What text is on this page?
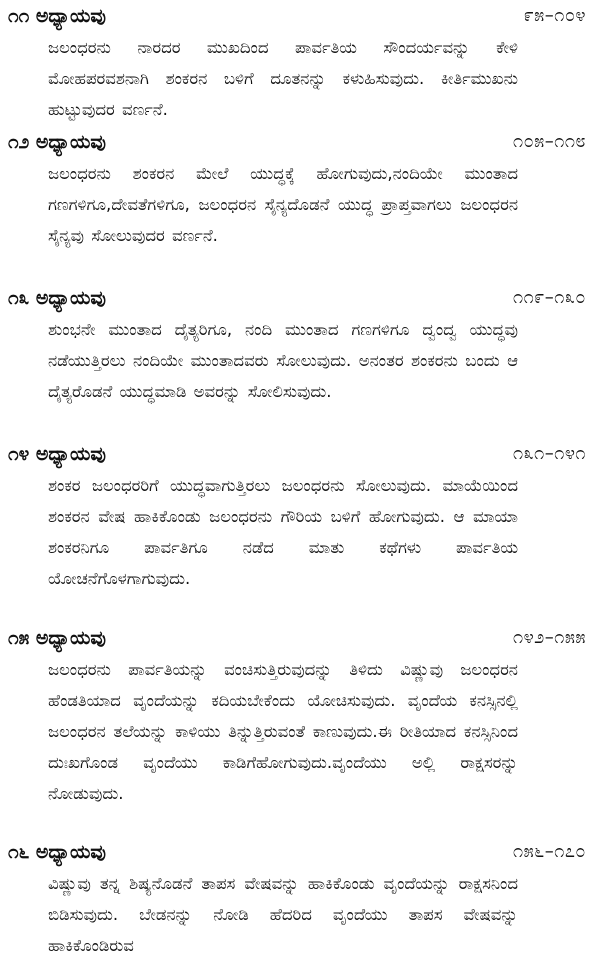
೧೧ ಅಧ್ಯಾಯವು	೯೫–೧೦೪
ಜಲಂಧರನು ನಾರದರ ಮುಖದಿಂದ ಪಾರ್ವತಿಯ ಸೌಂದರ್ಯವನ್ನು ಕೇಳಿ ಮೋಹಪರವಶನಾಗಿ ಶಂಕರನ ಬಳಿಗೆ ದೂತನನ್ನು ಕಳುಹಿಸುವುದು. ಕೀರ್ತಿಮುಖನು ಹುಟ್ಟುವುದರ ವರ್ಣನೆ.
೧೨ ಅಧ್ಯಾಯವು	೧೦೫–೧೧೮
ಜಲಂಧರನು ಶಂಕರನ ಮೇಲೆ ಯುದ್ಧಕ್ಕೆ ಹೋಗುವುದು,ನಂದಿಯೇ ಮುಂತಾದ ಗಣಗಳಿಗೂ,ದೇವತೆಗಳಿಗೂ, ಜಲಂಧರನ ಸೈನ್ಯದೊಡನೆ ಯುದ್ಧ ಪ್ರಾಪ್ತವಾಗಲು ಜಲಂಧರನ ಸೈನ್ಯವು ಸೋಲುವುದರ ವರ್ಣನೆ.
೧೩ ಅಧ್ಯಾಯವು	೧೧೯–೧೩೦
ಶುಂಭನೇ ಮುಂತಾದ ದೈತ್ಯರಿಗೂ, ನಂದಿ ಮುಂತಾದ ಗಣಗಳಿಗೂ ದ್ವಂದ್ವ ಯುದ್ಧವು ನಡೆಯುತ್ತಿರಲು ನಂದಿಯೇ ಮುಂತಾದವರು ಸೋಲುವುದು. ಅನಂತರ ಶಂಕರನು ಬಂದು ಆ ದೈತ್ಯರೊಡನೆ ಯುದ್ಧಮಾಡಿ ಅವರನ್ನು ಸೋಲಿಸುವುದು.
೧೪ ಅಧ್ಯಾಯವು	೧೩೧–೧೪೧
ಶಂಕರ ಜಲಂಧರರಿಗೆ ಯುದ್ಧವಾಗುತ್ತಿರಲು ಜಲಂಧರನು ಸೋಲುವುದು. ಮಾಯೆಯಿಂದ ಶಂಕರನ ವೇಷ ಹಾಕಿಕೊಂಡು ಜಲಂಧರನು ಗೌರಿಯ ಬಳಿಗೆ ಹೋಗುವುದು. ಆ ಮಾಯಾ ಶಂಕರನಿಗೂ ಪಾರ್ವತಿಗೂ ನಡೆದ ಮಾತು ಕಥೆಗಳು ಪಾರ್ವತಿಯ ಯೋಚನೆಗೊಳಗಾಗುವುದು.
೧೫ ಅಧ್ಯಾಯವು	೧೪೨–೧೫೫
ಜಲಂಧರನು ಪಾರ್ವತಿಯನ್ನು ವಂಚಿಸುತ್ತಿರುವುದನ್ನು ತಿಳಿದು ವಿಷ್ಣುವು ಜಲಂಧರನ ಹೆಂಡತಿಯಾದ ವೃಂದೆಯನ್ನು ಕದಿಯಬೇಕೆಂದು ಯೋಚಿಸುವುದು. ವೃಂದೆಯ ಕನಸ್ಸಿನಲ್ಲಿ ಜಲಂಧರನ ತಲೆಯನ್ನು ಕಾಳಿಯು ತಿನ್ನುತ್ತಿರುವಂತೆ ಕಾಣುವುದು.ಈ ರೀತಿಯಾದ ಕನಸ್ಸಿನಿಂದ ದುಃಖಗೊಂಡ ವೃಂದೆಯು ಕಾಡಿಗೆಹೋಗುವುದು.ವೃಂದೆಯು ಅಲ್ಲಿ ರಾಕ್ಷಸರನ್ನು ನೋಡುವುದು.
೧೬ ಅಧ್ಯಾಯವು	೧೫೬–೧೭೦
ವಿಷ್ಣುವು ತನ್ನ ಶಿಷ್ಯನೊಡನೆ ತಾಪಸ ವೇಷವನ್ನು ಹಾಕಿಕೊಂಡು ವೃಂದೆಯನ್ನು ರಾಕ್ಷಸನಿಂದ ಬಿಡಿಸುವುದು. ಬೇಡನನ್ನು ನೋಡಿ ಹೆದರಿದ ವೃಂದೆಯು ತಾಪಸ ವೇಷವನ್ನು ಹಾಕಿಕೊಂಡಿರುವ
